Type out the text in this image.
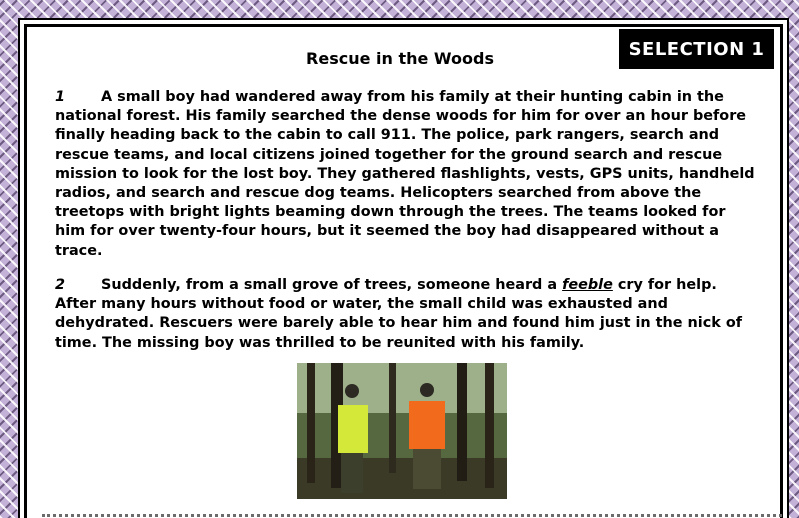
SELECTION 1
Rescue in the Woods
1 A small boy had wandered away from his family at their hunting cabin in the national forest. His family searched the dense woods for him for over an hour before finally heading back to the cabin to call 911. The police, park rangers, search and rescue teams, and local citizens joined together for the ground search and rescue mission to look for the lost boy. They gathered flashlights, vests, GPS units, handheld radios, and search and rescue dog teams. Helicopters searched from above the treetops with bright lights beaming down through the trees. The teams looked for him for over twenty-four hours, but it seemed the boy had disappeared without a trace.
2 Suddenly, from a small grove of trees, someone heard a feeble cry for help. After many hours without food or water, the small child was exhausted and dehydrated. Rescuers were barely able to hear him and found him just in the nick of time. The missing boy was thrilled to be reunited with his family.
